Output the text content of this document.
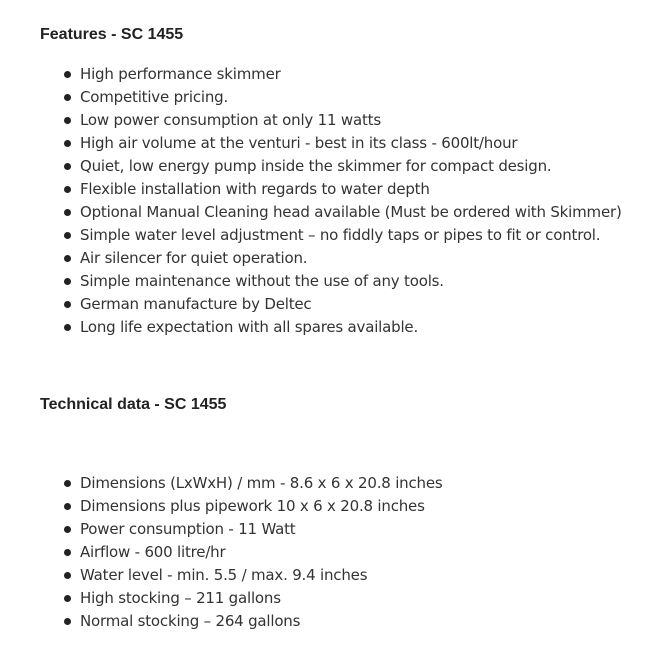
Features - SC 1455
High performance skimmer
Competitive pricing.
Low power consumption at only 11 watts
High air volume at the venturi - best in its class - 600lt/hour
Quiet, low energy pump inside the skimmer for compact design.
Flexible installation with regards to water depth
Optional Manual Cleaning head available (Must be ordered with Skimmer)
Simple water level adjustment – no fiddly taps or pipes to fit or control.
Air silencer for quiet operation.
Simple maintenance without the use of any tools.
German manufacture by Deltec
Long life expectation with all spares available.
Technical data - SC 1455
Dimensions (LxWxH) / mm - 8.6 x 6 x 20.8 inches
Dimensions plus pipework 10 x 6 x 20.8 inches
Power consumption - 11 Watt
Airflow - 600 litre/hr
Water level - min. 5.5 / max. 9.4 inches
High stocking – 211 gallons
Normal stocking – 264 gallons
